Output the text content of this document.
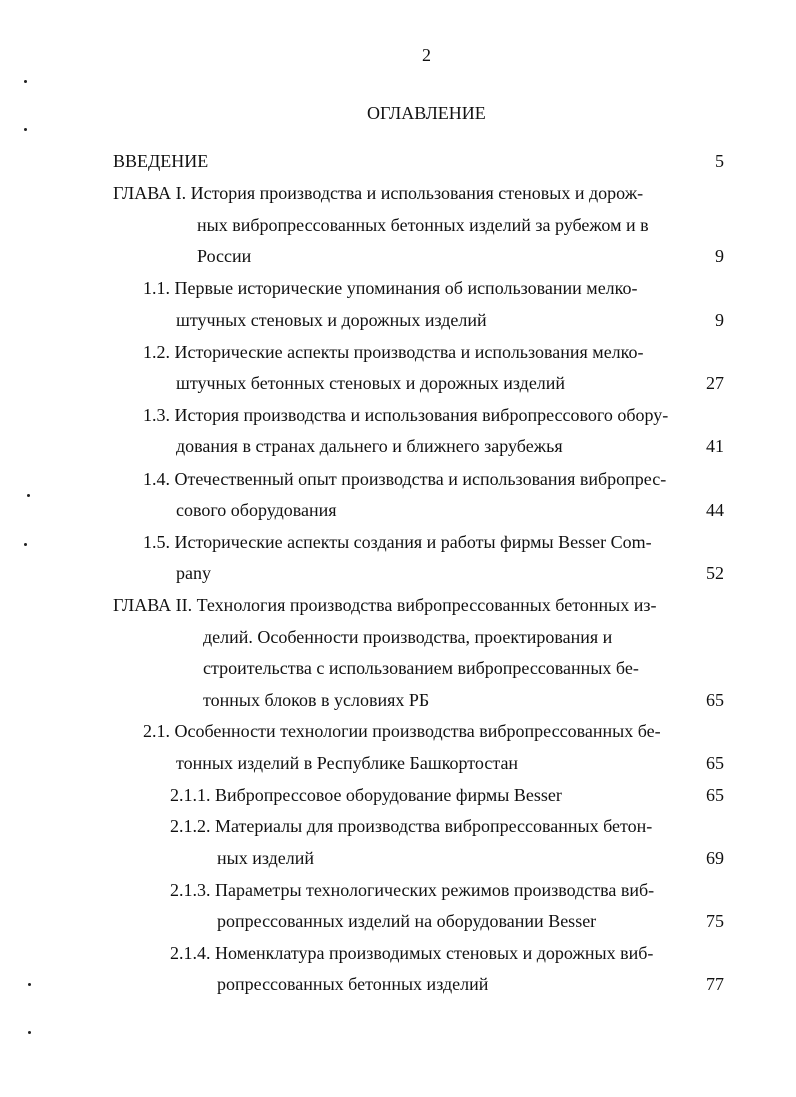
2
ОГЛАВЛЕНИЕ
ВВЕДЕНИЕ	5
ГЛАВА I. История производства и использования стеновых и дорож-
ных вибропрессованных бетонных изделий за рубежом и в
России	9
1.1. Первые исторические упоминания об использовании мелко-
штучных стеновых и дорожных изделий	9
1.2. Исторические аспекты производства и использования мелко-
штучных бетонных стеновых и дорожных изделий	27
1.3. История производства и использования вибропрессового обору-
дования в странах дальнего и ближнего зарубежья	41
1.4. Отечественный опыт производства и использования вибропрес-
сового оборудования	44
1.5. Исторические аспекты создания и работы фирмы Besser Com-
pany	52
ГЛАВА II. Технология производства вибропрессованных бетонных из-
делий. Особенности производства, проектирования и
строительства с использованием вибропрессованных бе-
тонных блоков в условиях РБ	65
2.1. Особенности технологии производства вибропрессованных бе-
тонных изделий в Республике Башкортостан	65
2.1.1. Вибропрессовое оборудование фирмы Besser	65
2.1.2. Материалы для производства вибропрессованных бетон-
ных изделий	69
2.1.3. Параметры технологических режимов производства виб-
ропрессованных изделий на оборудовании Besser	75
2.1.4. Номенклатура производимых стеновых и дорожных виб-
ропрессованных бетонных изделий	77
